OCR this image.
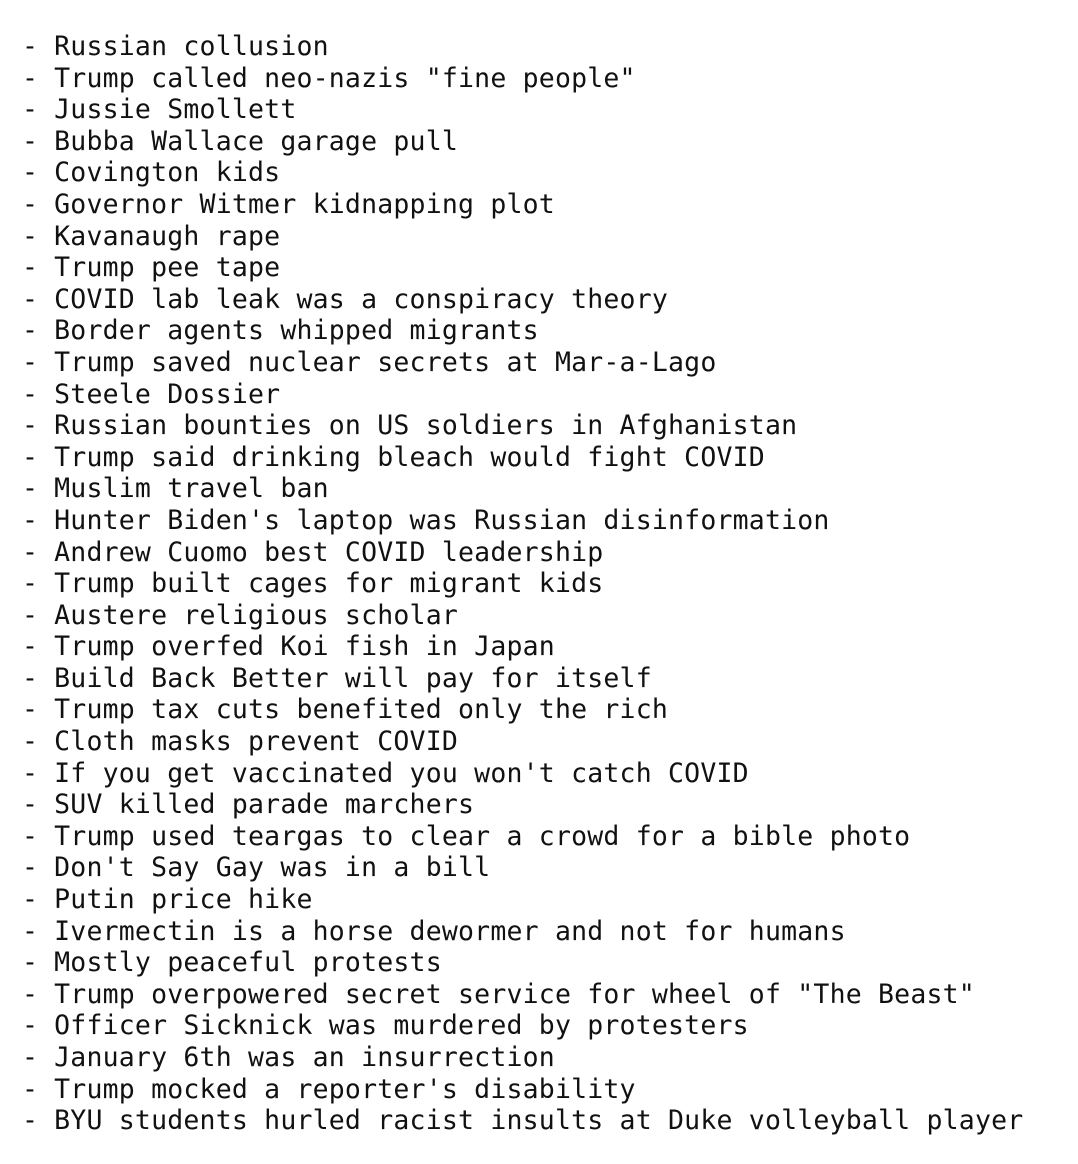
- Russian collusion
- Trump called neo-nazis "fine people"
- Jussie Smollett
- Bubba Wallace garage pull
- Covington kids
- Governor Witmer kidnapping plot
- Kavanaugh rape
- Trump pee tape
- COVID lab leak was a conspiracy theory
- Border agents whipped migrants
- Trump saved nuclear secrets at Mar-a-Lago
- Steele Dossier
- Russian bounties on US soldiers in Afghanistan
- Trump said drinking bleach would fight COVID
- Muslim travel ban
- Hunter Biden's laptop was Russian disinformation
- Andrew Cuomo best COVID leadership
- Trump built cages for migrant kids
- Austere religious scholar
- Trump overfed Koi fish in Japan
- Build Back Better will pay for itself
- Trump tax cuts benefited only the rich
- Cloth masks prevent COVID
- If you get vaccinated you won't catch COVID
- SUV killed parade marchers
- Trump used teargas to clear a crowd for a bible photo
- Don't Say Gay was in a bill
- Putin price hike
- Ivermectin is a horse dewormer and not for humans
- Mostly peaceful protests
- Trump overpowered secret service for wheel of "The Beast"
- Officer Sicknick was murdered by protesters
- January 6th was an insurrection
- Trump mocked a reporter's disability
- BYU students hurled racist insults at Duke volleyball player
